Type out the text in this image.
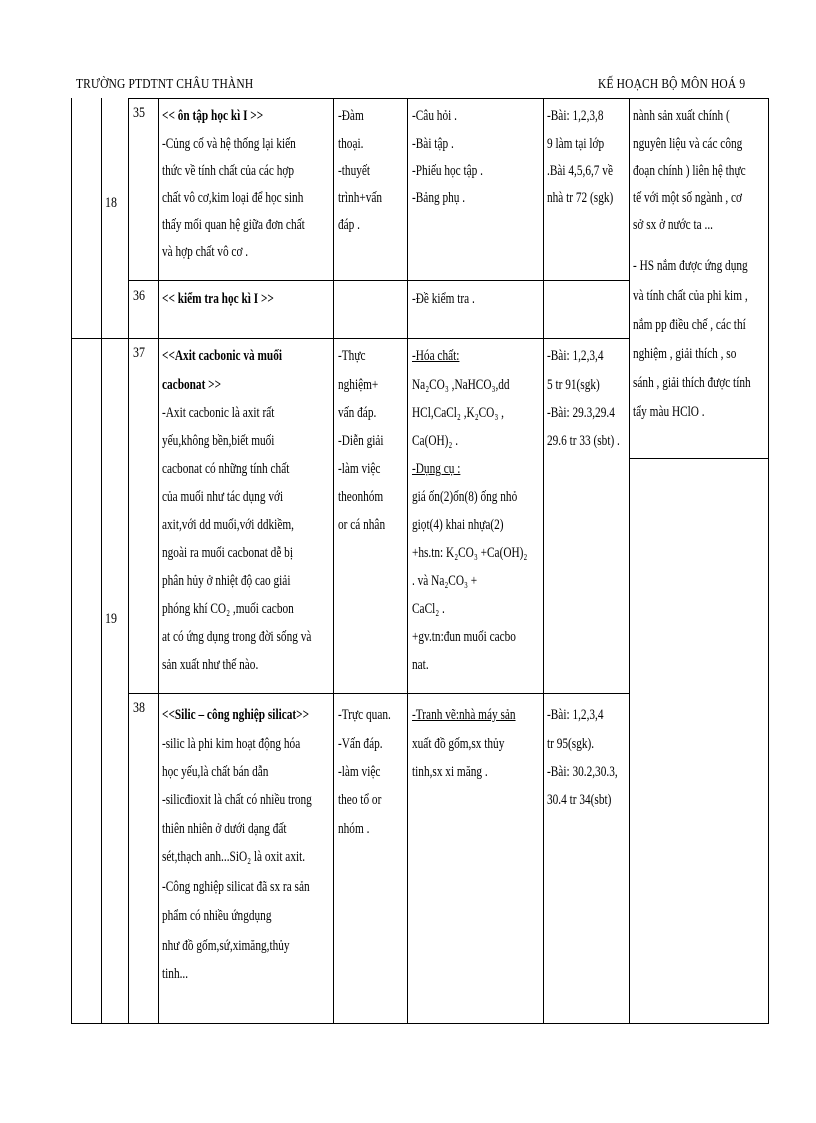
TRƯỜNG PTDTNT CHÂU THÀNH	KẾ HOẠCH BỘ MÔN HOÁ 9
18
19
35 << ôn tập học kì I >>
-Củng cố và hệ thống lại kiến
thức về tính chất của các hợp
chất vô cơ,kim loại để học sinh
thấy mối quan hệ giữa đơn chất
và hợp chất vô cơ .
-Đàm
thoại.
-thuyết
trình+vấn
đáp .
-Câu hỏi .
-Bài tập .
-Phiếu học tập .
-Bảng phụ .
-Bài: 1,2,3,8
9 làm tại lớp
.Bài 4,5,6,7 về
nhà tr 72 (sgk)
36 << kiểm tra học kì I >>	-Đề kiểm tra .
37 <<Axit cacbonic và muối
cacbonat >>
-Axit cacbonic là axit rất
yếu,không bền,biết muối
cacbonat có những tính chất
của muối như tác dụng với
axit,với dd muối,với ddkiềm,
ngoài ra muối cacbonat dễ bị
phân hủy ở nhiệt độ cao giải
phóng khí CO₂ ,muối cacbon
at có ứng dụng trong đời sống và
sản xuất như thế nào.
-Thực
nghiệm+
vấn đáp.
-Diễn giải
-làm việc
theonhóm
or cá nhân
-Hóa chất:
Na₂CO₃ ,NaHCO₃,dd
HCl,CaCl₂ ,K₂CO₃ ,
Ca(OH)₂ .
-Dụng cụ :
giá ốn(2)ốn(8) ống nhỏ
giọt(4) khai nhựa(2)
+hs.tn: K₂CO₃ +Ca(OH)₂
. và Na₂CO₃ +
CaCl₂ .
+gv.tn:đun muối cacbo
nat.
-Bài: 1,2,3,4
5 tr 91(sgk)
-Bài: 29.3,29.4
29.6 tr 33 (sbt) .
38 <<Silic – công nghiệp silicat>>
-silic là phi kim hoạt động hóa
học yếu,là chất bán dẫn
-silicđioxit là chất có nhiều trong
thiên nhiên ở dưới dạng đất
sét,thạch anh...SiO₂ là oxit axit.
-Công nghiệp silicat đã sx ra sản
phẩm có nhiều ứngdụng
như đồ gốm,sứ,ximăng,thủy
tinh...
-Trực quan.
-Vấn đáp.
-làm việc
theo tổ or
nhóm .
-Tranh vẽ:nhà máy sản
xuất đồ gốm,sx thủy
tinh,sx xi măng .
-Bài: 1,2,3,4
tr 95(sgk).
-Bài: 30.2,30.3,
30.4 tr 34(sbt)
nành sản xuất chính (
nguyên liệu và các công
đoạn chính ) liên hệ thực
tế với một số ngành , cơ
sở sx ở nước ta ...
- HS nắm được ứng dụng
và tính chất của phi kim ,
nắm pp điều chế , các thí
nghiệm , giải thích , so
sánh , giải thích được tính
tẩy màu HClO .
